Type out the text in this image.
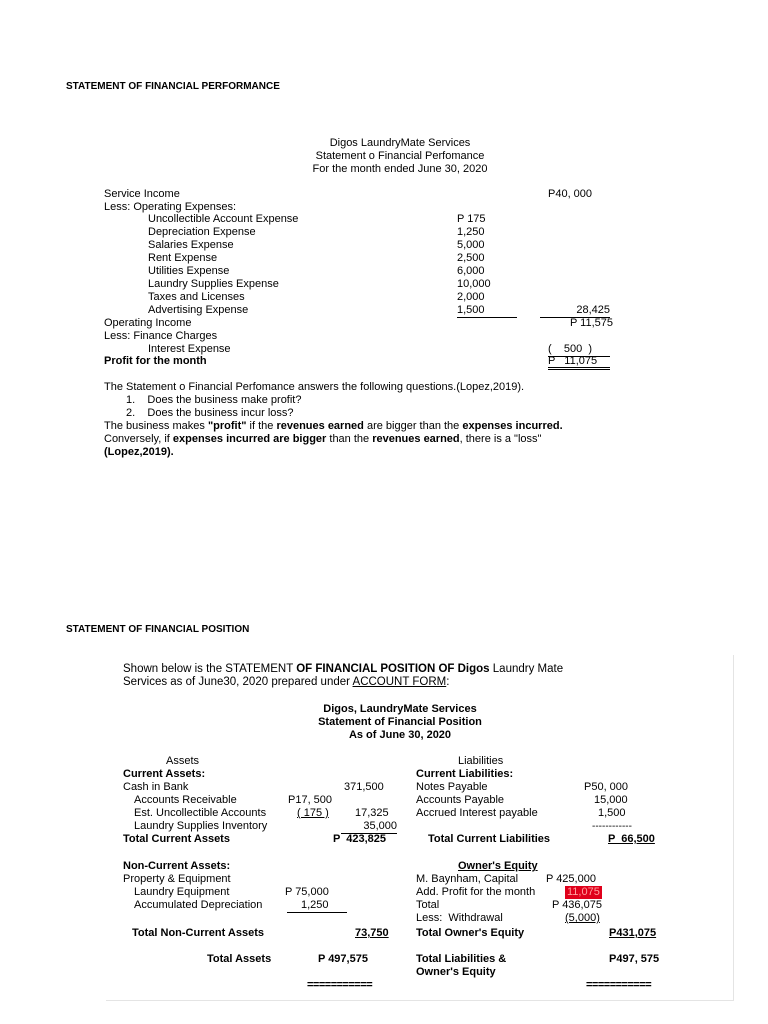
STATEMENT OF FINANCIAL PERFORMANCE
Digos LaundryMate Services
Statement o Financial Perfomance
For the month ended June 30, 2020
Service Income	P40, 000
Less: Operating Expenses:
Uncollectible Account Expense	P 175
Depreciation Expense	1,250
Salaries Expense	5,000
Rent Expense	2,500
Utilities Expense	6,000
Laundry Supplies Expense	10,000
Taxes and Licenses	2,000
Advertising Expense	1,500	28,425
Operating Income	P 11,575
Less: Finance Charges
Interest Expense	(    500  )
Profit for the month	P   11,075
The Statement o Financial Perfomance answers the following questions.(Lopez,2019).
1.    Does the business make profit?
2.    Does the business incur loss?
The business makes "profit" if the revenues earned are bigger than the expenses incurred.
Conversely, if expenses incurred are bigger than the revenues earned, there is a "loss"
(Lopez,2019).
STATEMENT OF FINANCIAL POSITION
Shown below is the STATEMENT OF FINANCIAL POSITION OF Digos Laundry Mate
Services as of June30, 2020 prepared under ACCOUNT FORM:
Digos, LaundryMate Services
Statement of Financial Position
As of June 30, 2020
Assets
Current Assets:
Cash in Bank	371,500
Accounts Receivable	P17, 500
Est. Uncollectible Accounts	( 175 ) 17,325
Laundry Supplies Inventory	35,000
Total Current Assets	P  423,825
Non-Current Assets:
Property & Equipment
Laundry Equipment	P 75,000
Accumulated Depreciation	1,250
Total Non-Current Assets	73,750
Total Assets	P 497,575
===========
Liabilities
Current Liabilities:
Notes Payable	P50, 000
Accounts Payable	15,000
Accrued Interest payable	1,500
------------
Total Current Liabilities	P  66,500
Owner's Equity
M. Baynham, Capital	P 425,000
Add. Profit for the month	11,075
Total	P 436,075
Less:  Withdrawal	(5,000)
Total Owner's Equity	P431,075
Total Liabilities &
Owner's Equity
P497, 575
===========
